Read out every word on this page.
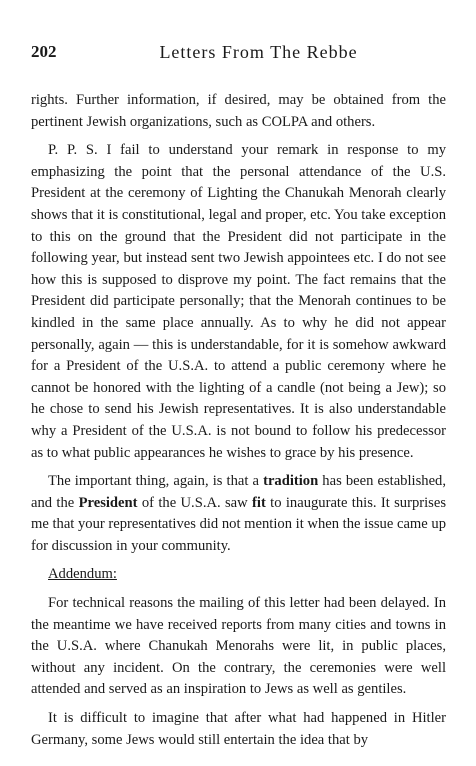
202	Letters From The Rebbe

rights. Further information, if desired, may be obtained from the pertinent Jewish organizations, such as COLPA and others.

P. P. S. I fail to understand your remark in response to my emphasizing the point that the personal attendance of the U.S. President at the ceremony of Lighting the Chanukah Menorah clearly shows that it is constitutional, legal and proper, etc. You take exception to this on the ground that the President did not participate in the following year, but instead sent two Jewish appointees etc. I do not see how this is supposed to disprove my point. The fact remains that the President did participate personally; that the Menorah continues to be kindled in the same place annually. As to why he did not appear personally, again — this is understandable, for it is somehow awkward for a President of the U.S.A. to attend a public ceremony where he cannot be honored with the lighting of a candle (not being a Jew); so he chose to send his Jewish representatives. It is also understandable why a President of the U.S.A. is not bound to follow his predecessor as to what public appearances he wishes to grace by his presence.

The important thing, again, is that a tradition has been established, and the President of the U.S.A. saw fit to inaugurate this. It surprises me that your representatives did not mention it when the issue came up for discussion in your community.

Addendum:

For technical reasons the mailing of this letter had been delayed. In the meantime we have received reports from many cities and towns in the U.S.A. where Chanukah Menorahs were lit, in public places, without any incident. On the contrary, the ceremonies were well attended and served as an inspiration to Jews as well as gentiles.

It is difficult to imagine that after what had happened in Hitler Germany, some Jews would still entertain the idea that by
